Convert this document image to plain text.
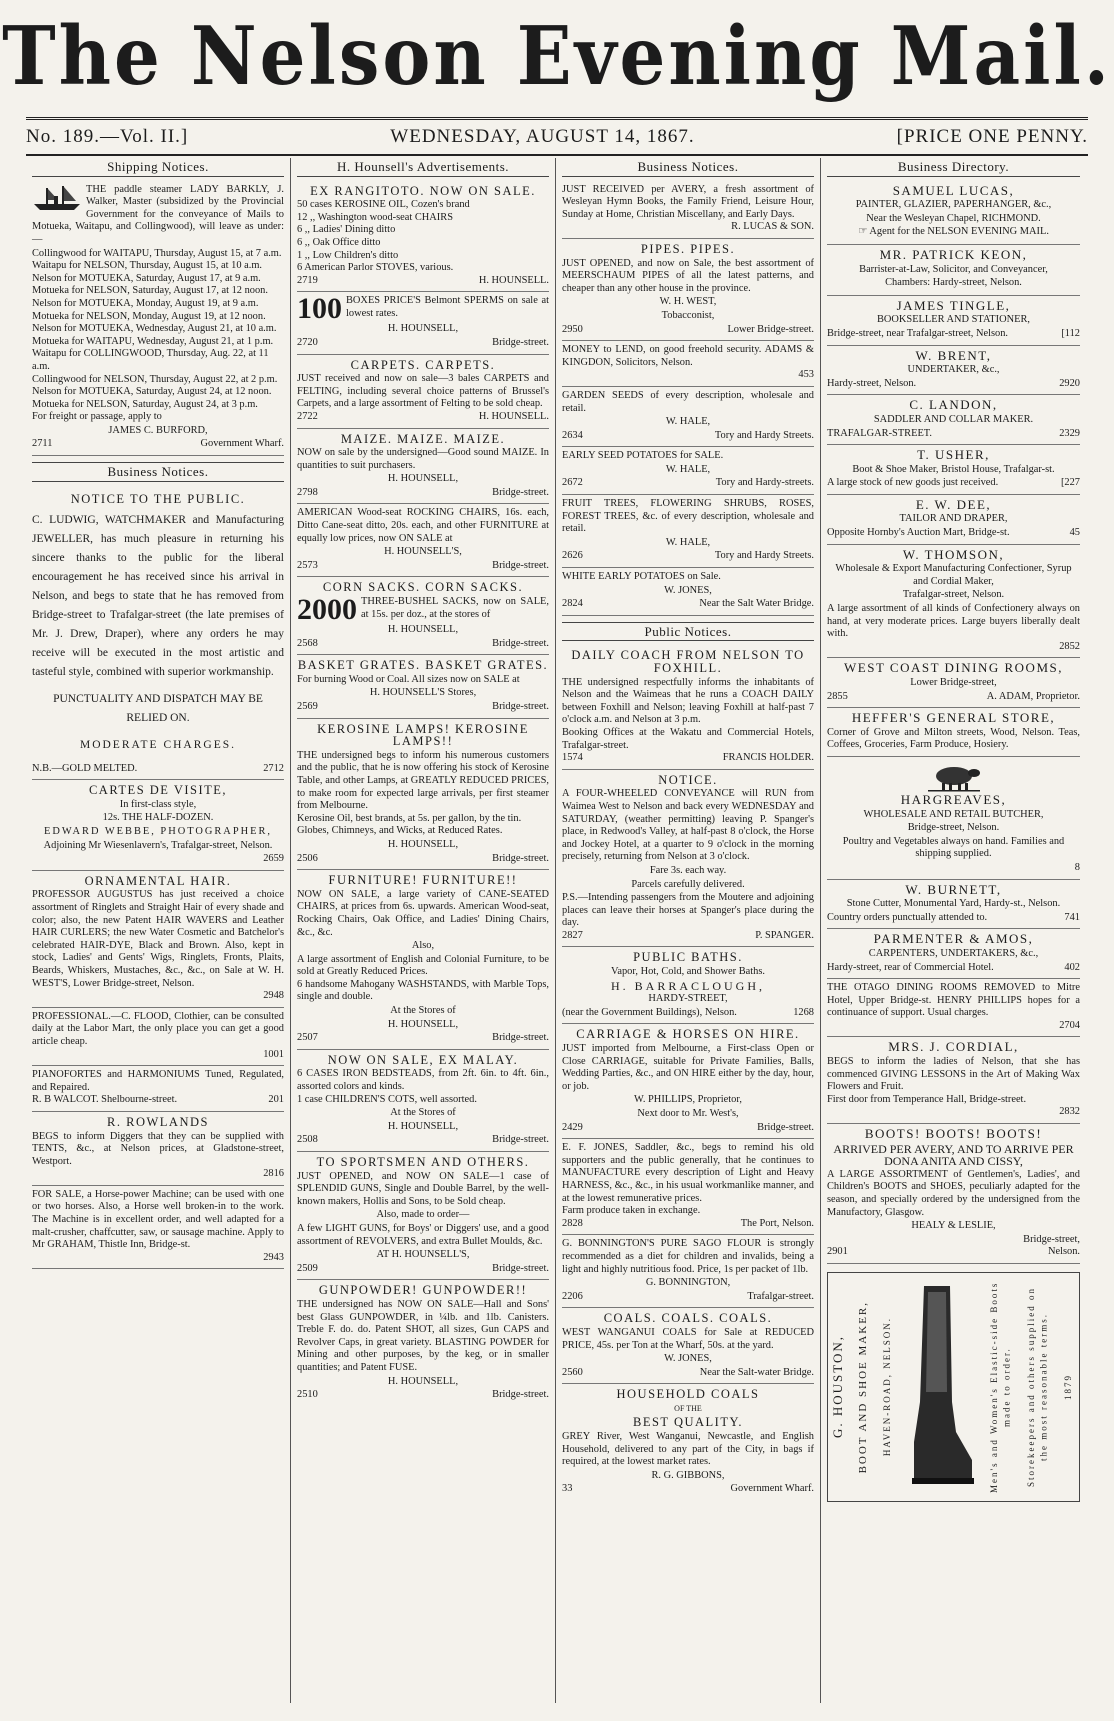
The Nelson Evening Mail.
No. 189.—Vol. II.]	WEDNESDAY, AUGUST 14, 1867.	[PRICE ONE PENNY.
Shipping Notices.

THE paddle steamer LADY BARKLY, J. Walker, Master (subsidized by the Provincial Government for the conveyance of Mails to Motueka, Waitapu, and Collingwood), will leave as under:—

Collingwood for WAITAPU, Thursday, August 15, at 7 a.m.
Waitapu for NELSON, Thursday, August 15, at 10 a.m.
Nelson for MOTUEKA, Saturday, August 17, at 9 a.m.
Motueka for NELSON, Saturday, August 17, at 12 noon.
Nelson for MOTUEKA, Monday, August 19, at 9 a.m.
Motueka for NELSON, Monday, August 19, at 12 noon.
Nelson for MOTUEKA, Wednesday, August 21, at 10 a.m.
Motueka for WAITAPU, Wednesday, August 21, at 1 p.m.
Waitapu for COLLINGWOOD, Thursday, Aug. 22, at 11 a.m.
Collingwood for NELSON, Thursday, August 22, at 2 p.m.
Nelson for MOTUEKA, Saturday, August 24, at 12 noon.
Motueka for NELSON, Saturday, August 24, at 3 p.m.

For freight or passage, apply to

JAMES C. BURFORD,

2711	Government Wharf.
Business Notices.

NOTICE TO THE PUBLIC.

C. LUDWIG, WATCHMAKER and Manufacturing JEWELLER, has much pleasure in returning his sincere thanks to the public for the liberal encouragement he has received since his arrival in Nelson, and begs to state that he has removed from Bridge-street to Trafalgar-street (the late premises of Mr. J. Drew, Draper), where any orders he may receive will be executed in the most artistic and tasteful style, combined with superior workmanship.

PUNCTUALITY AND DISPATCH MAY BE RELIED ON.

MODERATE CHARGES.

N.B.—GOLD MELTED.	2712

CARTES DE VISITE,

In first-class style,

12s. THE HALF-DOZEN.

EDWARD WEBBE, PHOTOGRAPHER,

Adjoining Mr Wiesenlavern's, Trafalgar-street, Nelson.

2659

ORNAMENTAL HAIR.

PROFESSOR AUGUSTUS has just received a choice assortment of Ringlets and Straight Hair of every shade and color; also, the new Patent HAIR WAVERS and Leather HAIR CURLERS; the new Water Cosmetic and Batchelor's celebrated HAIR-DYE, Black and Brown. Also, kept in stock, Ladies' and Gents' Wigs, Ringlets, Fronts, Plaits, Beards, Whiskers, Mustaches, &c., &c., on Sale at W. H. WEST'S, Lower Bridge-street, Nelson.

2948

PROFESSIONAL.—C. FLOOD, Clothier, can be consulted daily at the Labor Mart, the only place you can get a good article cheap.

1001

PIANOFORTES and HARMONIUMS Tuned, Regulated, and Repaired.

R. B WALCOT. Shelbourne-street.	201

R. ROWLANDS

BEGS to inform Diggers that they can be supplied with TENTS, &c., at Nelson prices, at Gladstone-street, Westport.

2816

FOR SALE, a Horse-power Machine; can be used with one or two horses. Also, a Horse well broken-in to the work. The Machine is in excellent order, and well adapted for a malt-crusher, chaffcutter, saw, or sausage machine. Apply to Mr GRAHAM, Thistle Inn, Bridge-st.

2943

H. Hounsell's Advertisements.

EX RANGITOTO. NOW ON SALE.

50 cases KEROSINE OIL, Cozen's brand
12 ,, Washington wood-seat CHAIRS
6 ,, Ladies' Dining ditto
6 ,, Oak Office ditto
1 ,, Low Children's ditto
6 American Parlor STOVES, various.
2719	H. HOUNSELL.
100 BOXES PRICE'S Belmont SPERMS on sale at lowest rates.

H. HOUNSELL,

2720	Bridge-street.

CARPETS. CARPETS.

JUST received and now on sale—3 bales CARPETS and FELTING, including several choice patterns of Brussel's Carpets, and a large assortment of Felting to be sold cheap.

2722	H. HOUNSELL.

MAIZE. MAIZE. MAIZE.

NOW on sale by the undersigned—Good sound MAIZE. In quantities to suit purchasers.

H. HOUNSELL,

2798	Bridge-street.

AMERICAN Wood-seat ROCKING CHAIRS, 16s. each, Ditto Cane-seat ditto, 20s. each, and other FURNITURE at equally low prices, now ON SALE at

H. HOUNSELL'S,

2573	Bridge-street.

CORN SACKS. CORN SACKS.

2000 THREE-BUSHEL SACKS, now on SALE, at 15s. per doz., at the stores of

H. HOUNSELL,

2568	Bridge-street.

BASKET GRATES. BASKET GRATES.

For burning Wood or Coal. All sizes now on SALE at

H. HOUNSELL'S Stores,

2569	Bridge-street.

KEROSINE LAMPS! KEROSINE LAMPS!!

THE undersigned begs to inform his numerous customers and the public, that he is now offering his stock of Kerosine Table, and other Lamps, at GREATLY REDUCED PRICES, to make room for expected large arrivals, per first steamer from Melbourne.

Kerosine Oil, best brands, at 5s. per gallon, by the tin.

Globes, Chimneys, and Wicks, at Reduced Rates.

H. HOUNSELL,

2506	Bridge-street.

FURNITURE! FURNITURE!!

NOW ON SALE, a large variety of CANE-SEATED CHAIRS, at prices from 6s. upwards. American Wood-seat, Rocking Chairs, Oak Office, and Ladies' Dining Chairs, &c., &c.

Also,

A large assortment of English and Colonial Furniture, to be sold at Greatly Reduced Prices.

6 handsome Mahogany WASHSTANDS, with Marble Tops, single and double.

At the Stores of

H. HOUNSELL,

2507	Bridge-street.

NOW ON SALE, EX MALAY.

6 CASES IRON BEDSTEADS, from 2ft. 6in. to 4ft. 6in., assorted colors and kinds.

1 case CHILDREN'S COTS, well assorted.

At the Stores of

H. HOUNSELL,

2508	Bridge-street.

TO SPORTSMEN AND OTHERS.

JUST OPENED, and NOW ON SALE—1 case of SPLENDID GUNS, Single and Double Barrel, by the well-known makers, Hollis and Sons, to be Sold cheap.

Also, made to order—

A few LIGHT GUNS, for Boys' or Diggers' use, and a good assortment of REVOLVERS, and extra Bullet Moulds, &c.

AT H. HOUNSELL'S,

2509	Bridge-street.

GUNPOWDER! GUNPOWDER!!

THE undersigned has NOW ON SALE—Hall and Sons' best Glass GUNPOWDER, in ¼lb. and 1lb. Canisters. Treble F. do. do. Patent SHOT, all sizes, Gun CAPS and Revolver Caps, in great variety. BLASTING POWDER for Mining and other purposes, by the keg, or in smaller quantities; and Patent FUSE.

H. HOUNSELL,

2510	Bridge-street.
Business Notices.

JUST RECEIVED per AVERY, a fresh assortment of Wesleyan Hymn Books, the Family Friend, Leisure Hour, Sunday at Home, Christian Miscellany, and Early Days.

R. LUCAS & SON.

PIPES. PIPES.

JUST OPENED, and now on Sale, the best assortment of MEERSCHAUM PIPES of all the latest patterns, and cheaper than any other house in the province.

W. H. WEST,

Tobacconist,

2950	Lower Bridge-street.

MONEY to LEND, on good freehold security. ADAMS & KINGDON, Solicitors, Nelson.

453

GARDEN SEEDS of every description, wholesale and retail.

W. HALE,

2634	Tory and Hardy Streets.

EARLY SEED POTATOES for SALE.

W. HALE,

2672	Tory and Hardy-streets.

FRUIT TREES, FLOWERING SHRUBS, ROSES, FOREST TREES, &c. of every description, wholesale and retail.

W. HALE,

2626	Tory and Hardy Streets.

WHITE EARLY POTATOES on Sale.

W. JONES,

2824	Near the Salt Water Bridge.
Public Notices.

DAILY COACH FROM NELSON TO FOXHILL.

THE undersigned respectfully informs the inhabitants of Nelson and the Waimeas that he runs a COACH DAILY between Foxhill and Nelson; leaving Foxhill at half-past 7 o'clock a.m. and Nelson at 3 p.m.

Booking Offices at the Wakatu and Commercial Hotels, Trafalgar-street.

1574	FRANCIS HOLDER.

NOTICE.

A FOUR-WHEELED CONVEYANCE will RUN from Waimea West to Nelson and back every WEDNESDAY and SATURDAY, (weather permitting) leaving P. Spanger's place, in Redwood's Valley, at half-past 8 o'clock, the Horse and Jockey Hotel, at a quarter to 9 o'clock in the morning precisely, returning from Nelson at 3 o'clock.

Fare 3s. each way.

Parcels carefully delivered.

P.S.—Intending passengers from the Moutere and adjoining places can leave their horses at Spanger's place during the day.

2827	P. SPANGER.

PUBLIC BATHS.

Vapor, Hot, Cold, and Shower Baths.

H. BARRACLOUGH,

HARDY-STREET,

(near the Government Buildings), Nelson.	1268

CARRIAGE & HORSES ON HIRE.

JUST imported from Melbourne, a First-class Open or Close CARRIAGE, suitable for Private Families, Balls, Wedding Parties, &c., and ON HIRE either by the day, hour, or job.

W. PHILLIPS, Proprietor,

Next door to Mr. West's,

2429	Bridge-street.

E. F. JONES, Saddler, &c., begs to remind his old supporters and the public generally, that he continues to MANUFACTURE every description of Light and Heavy HARNESS, &c., &c., in his usual workmanlike manner, and at the lowest remunerative prices.

Farm produce taken in exchange.

2828	The Port, Nelson.

G. BONNINGTON'S PURE SAGO FLOUR is strongly recommended as a diet for children and invalids, being a light and highly nutritious food. Price, 1s per packet of 1lb.

G. BONNINGTON,

2206	Trafalgar-street.

COALS. COALS. COALS.

WEST WANGANUI COALS for Sale at REDUCED PRICE, 45s. per Ton at the Wharf, 50s. at the yard.

W. JONES,

2560	Near the Salt-water Bridge.

HOUSEHOLD COALS

OF THE

BEST QUALITY.

GREY River, West Wanganui, Newcastle, and English Household, delivered to any part of the City, in bags if required, at the lowest market rates.

R. G. GIBBONS,

33	Government Wharf.
Business Directory.

SAMUEL LUCAS,

PAINTER, GLAZIER, PAPERHANGER, &c.,

Near the Wesleyan Chapel, RICHMOND.

☞ Agent for the NELSON EVENING MAIL.

MR. PATRICK KEON,

Barrister-at-Law, Solicitor, and Conveyancer,

Chambers: Hardy-street, Nelson.

JAMES TINGLE,

BOOKSELLER AND STATIONER,

Bridge-street, near Trafalgar-street, Nelson.	[112

W. BRENT,

UNDERTAKER, &c.,

Hardy-street, Nelson.	2920

C. LANDON,

SADDLER AND COLLAR MAKER.

TRAFALGAR-STREET.	2329

T. USHER,

Boot & Shoe Maker, Bristol House, Trafalgar-st.

A large stock of new goods just received.	[227

E. W. DEE,

TAILOR AND DRAPER,

Opposite Hornby's Auction Mart, Bridge-st.	45

W. THOMSON,

Wholesale & Export Manufacturing Confectioner, Syrup and Cordial Maker,

Trafalgar-street, Nelson.

A large assortment of all kinds of Confectionery always on hand, at very moderate prices. Large buyers liberally dealt with.

2852

WEST COAST DINING ROOMS,

Lower Bridge-street,

2855	A. ADAM, Proprietor.

HEFFER'S GENERAL STORE,

Corner of Grove and Milton streets, Wood, Nelson. Teas, Coffees, Groceries, Farm Produce, Hosiery.

HARGREAVES,

WHOLESALE AND RETAIL BUTCHER,

Bridge-street, Nelson.

Poultry and Vegetables always on hand. Families and shipping supplied.

8

W. BURNETT,

Stone Cutter, Monumental Yard, Hardy-st., Nelson.

Country orders punctually attended to.	741

PARMENTER & AMOS,

CARPENTERS, UNDERTAKERS, &c.,

Hardy-street, rear of Commercial Hotel.	402

THE OTAGO DINING ROOMS REMOVED to Mitre Hotel, Upper Bridge-st. HENRY PHILLIPS hopes for a continuance of support. Usual charges.

2704

MRS. J. CORDIAL,

BEGS to inform the ladies of Nelson, that she has commenced GIVING LESSONS in the Art of Making Wax Flowers and Fruit.

First door from Temperance Hall, Bridge-street.

2832

BOOTS! BOOTS! BOOTS!

ARRIVED PER AVERY, AND TO ARRIVE PER DONA ANITA AND CISSY,

A LARGE ASSORTMENT of Gentlemen's, Ladies', and Children's BOOTS and SHOES, peculiarly adapted for the season, and specially ordered by the undersigned from the Manufactory, Glasgow.

HEALY & LESLIE,

Bridge-street,

2901	Nelson.
G. HOUSTON, BOOT AND SHOE MAKER, HAVEN-ROAD, NELSON.	Men's and Women's Elastic-side Boots made to order. Storekeepers and others supplied on the most reasonable terms. 1879
